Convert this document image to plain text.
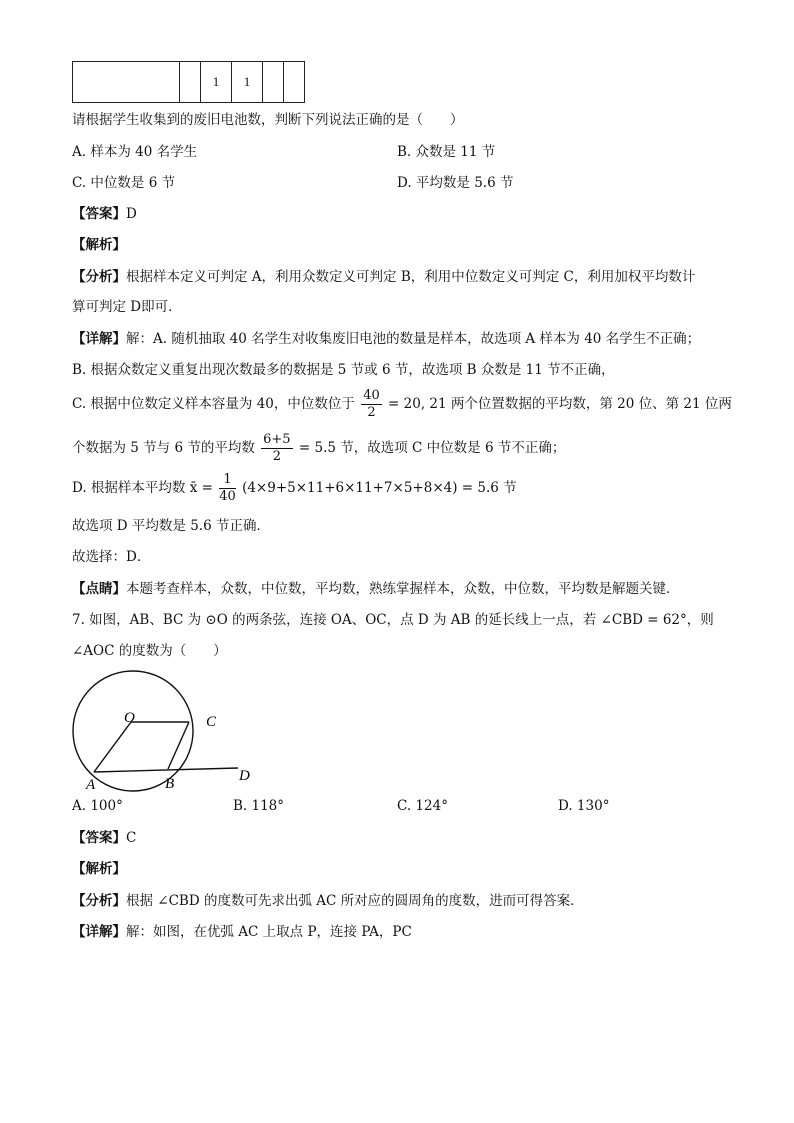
		1	1		
请根据学生收集到的废旧电池数，判断下列说法正确的是（　　）
A. 样本为 40 名学生	B. 众数是 11 节
C. 中位数是 6 节	D. 平均数是 5.6 节
【答案】D
【解析】
【分析】根据样本定义可判定 A，利用众数定义可判定 B，利用中位数定义可判定 C，利用加权平均数计
算可判定 D即可．
【详解】解：A. 随机抽取 40 名学生对收集废旧电池的数量是样本，故选项 A 样本为 40 名学生不正确；
B. 根据众数定义重复出现次数最多的数据是 5 节或 6 节，故选项 B 众数是 11 节不正确，
C. 根据中位数定义样本容量为 40，中位数位于 $\frac{40}{2} = 20$, 21 两个位置数据的平均数，第 20 位、第 21 位两
个数据为 5 节与 6 节的平均数 $\frac{6+5}{2} = 5.5$ 节，故选项 C 中位数是 6 节不正确；
D. 根据样本平均数 x̄ = $\frac{1}{40} (4\times 9+5\times 11+6\times 11+7\times 5+8\times 4) = 5.6$ 节
故选项 D 平均数是 5.6 节正确．
故选择：D．
【点睛】本题考查样本，众数，中位数，平均数，熟练掌握样本，众数，中位数，平均数是解题关键．
7. 如图，AB、BC 为 ⊙O 的两条弦，连接 OA、OC，点 D 为 AB 的延长线上一点，若 ∠CBD = 62°，则
∠AOC 的度数为（　　）
O	C
A	B	D
A. 100°	B. 118°	C. 124°	D. 130°
【答案】C
【解析】
【分析】根据 ∠CBD 的度数可先求出弧 AC 所对应的圆周角的度数，进而可得答案．
【详解】解：如图，在优弧 AC 上取点 P，连接 PA，PC
